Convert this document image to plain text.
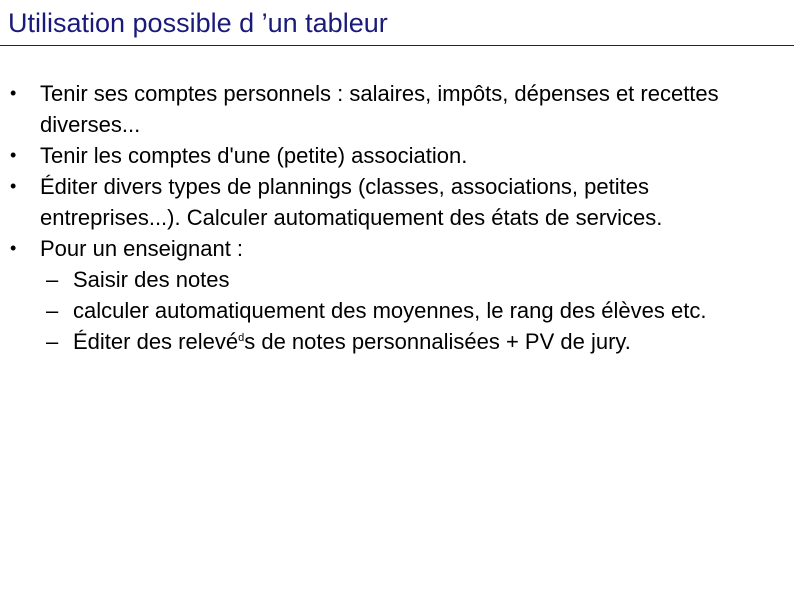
Utilisation possible d ’un tableur
• Tenir ses comptes personnels : salaires, impôts, dépenses et recettes diverses...
• Tenir les comptes d'une (petite) association.
• Éditer divers types de plannings (classes, associations, petites entreprises...). Calculer automatiquement des états de services.
• Pour un enseignant :
– Saisir des notes
– calculer automatiquement des moyennes, le rang des élèves etc.
– Éditer des relevé$^d$s de notes personnalisées + PV de jury.
